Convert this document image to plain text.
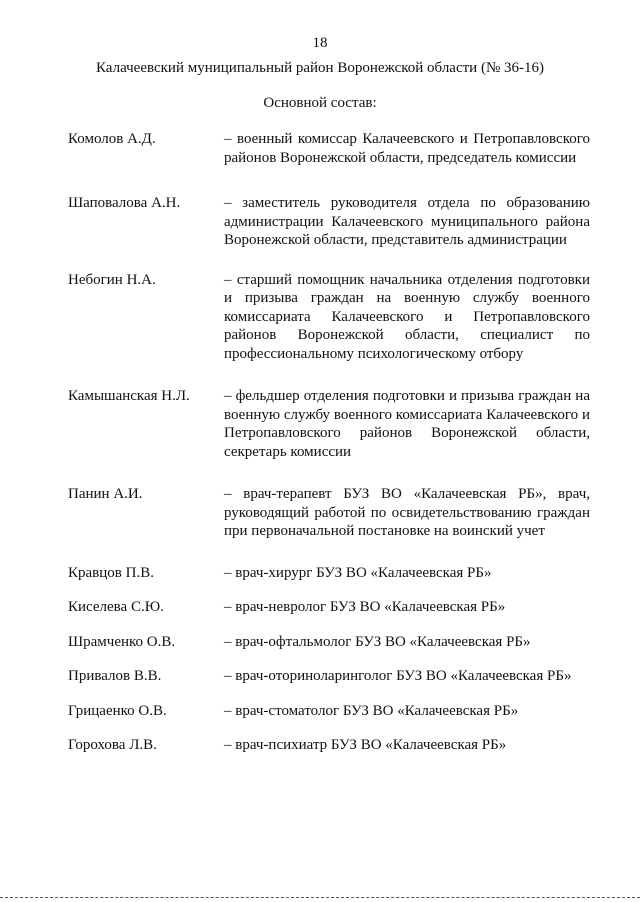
18
Калачеевский муниципальный район Воронежской области (№ 36-16)
Основной состав:
Комолов А.Д.	– военный комиссар Калачеевского и Петропавловского районов Воронежской области, председатель комиссии
Шаповалова А.Н.	– заместитель руководителя отдела по образованию администрации Калачеевского муниципального района Воронежской области, представитель администрации
Небогин Н.А.	– старший помощник начальника отделения подготовки и призыва граждан на военную службу военного комиссариата Калачеевского и Петропавловского районов Воронежской области, специалист по профессиональному психологическому отбору
Камышанская Н.Л.	– фельдшер отделения подготовки и призыва граждан на военную службу военного комиссариата Калачеевского и Петропавловского районов Воронежской области, секретарь комиссии
Панин А.И.	– врач-терапевт БУЗ ВО «Калачеевская РБ», врач, руководящий работой по освидетельствованию граждан при первоначальной постановке на воинский учет
Кравцов П.В.	– врач-хирург БУЗ ВО «Калачеевская РБ»
Киселева С.Ю.	– врач-невролог БУЗ ВО «Калачеевская РБ»
Шрамченко О.В.	– врач-офтальмолог БУЗ ВО «Калачеевская РБ»
Привалов В.В.	– врач-оториноларинголог БУЗ ВО «Калачеевская РБ»
Грицаенко О.В.	– врач-стоматолог БУЗ ВО «Калачеевская РБ»
Горохова Л.В.	– врач-психиатр БУЗ ВО «Калачеевская РБ»
